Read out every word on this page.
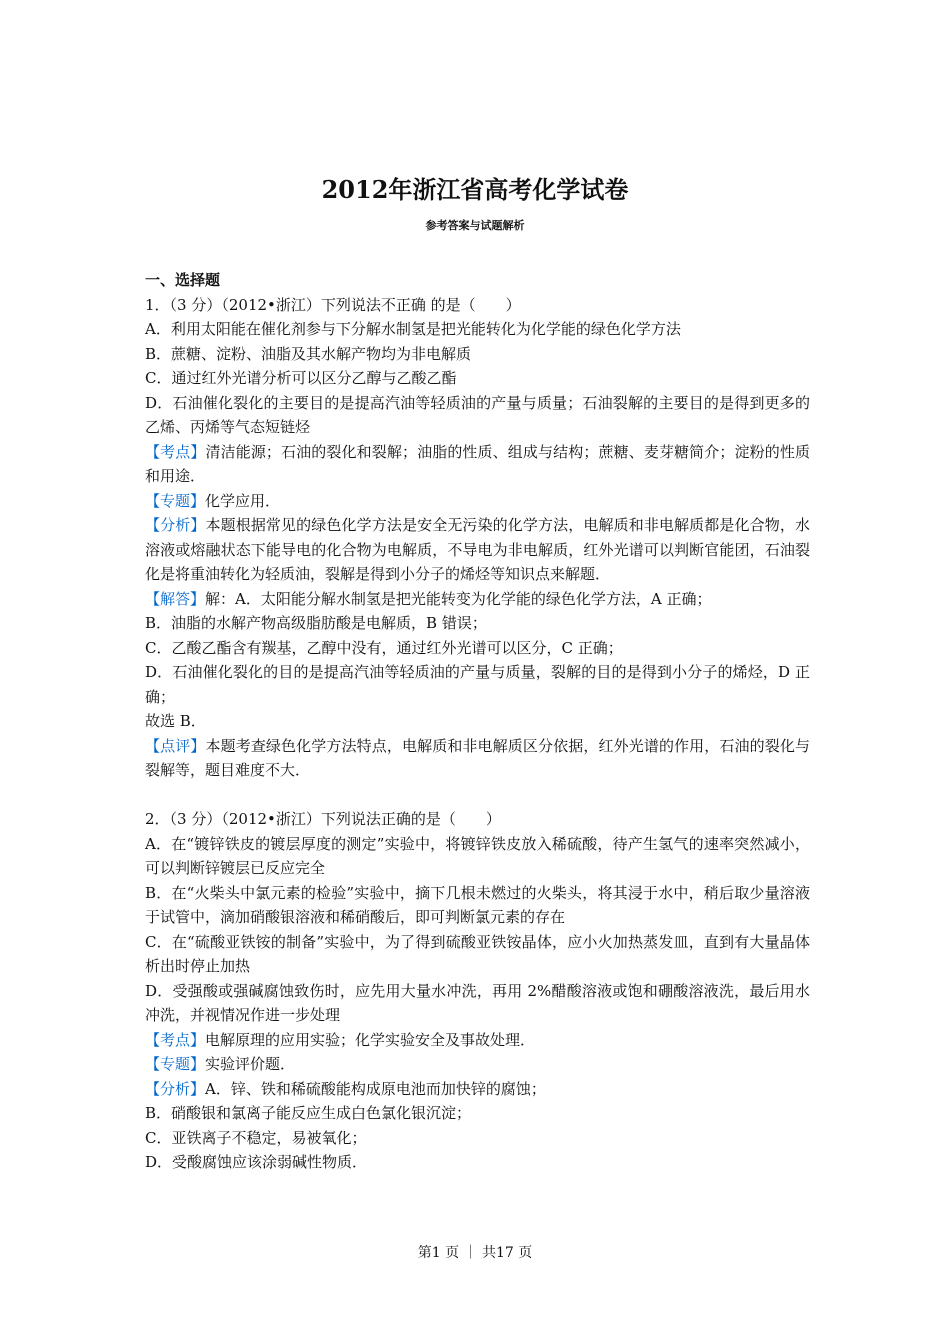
2012年浙江省高考化学试卷
参考答案与试题解析

一、选择题

1．（3 分）（2012•浙江）下列说法不正确 的是（　　）

A．利用太阳能在催化剂参与下分解水制氢是把光能转化为化学能的绿色化学方法

B．蔗糖、淀粉、油脂及其水解产物均为非电解质

C．通过红外光谱分析可以区分乙醇与乙酸乙酯

D．石油催化裂化的主要目的是提高汽油等轻质油的产量与质量；石油裂解的主要目的是得到更多的乙烯、丙烯等气态短链烃

【考点】清洁能源；石油的裂化和裂解；油脂的性质、组成与结构；蔗糖、麦芽糖简介；淀粉的性质和用途．

【专题】化学应用．

【分析】本题根据常见的绿色化学方法是安全无污染的化学方法，电解质和非电解质都是化合物，水溶液或熔融状态下能导电的化合物为电解质，不导电为非电解质，红外光谱可以判断官能团，石油裂化是将重油转化为轻质油，裂解是得到小分子的烯烃等知识点来解题．

【解答】解：A．太阳能分解水制氢是把光能转变为化学能的绿色化学方法，A 正确；

B．油脂的水解产物高级脂肪酸是电解质，B 错误；

C．乙酸乙酯含有羰基，乙醇中没有，通过红外光谱可以区分，C 正确；

D．石油催化裂化的目的是提高汽油等轻质油的产量与质量，裂解的目的是得到小分子的烯烃，D 正确；

故选 B．

【点评】本题考查绿色化学方法特点，电解质和非电解质区分依据，红外光谱的作用，石油的裂化与裂解等，题目难度不大．

2．（3 分）（2012•浙江）下列说法正确的是（　　）

A．在“镀锌铁皮的镀层厚度的测定”实验中，将镀锌铁皮放入稀硫酸，待产生氢气的速率突然减小，可以判断锌镀层已反应完全

B．在“火柴头中氯元素的检验”实验中，摘下几根未燃过的火柴头，将其浸于水中，稍后取少量溶液于试管中，滴加硝酸银溶液和稀硝酸后，即可判断氯元素的存在

C．在“硫酸亚铁铵的制备”实验中，为了得到硫酸亚铁铵晶体，应小火加热蒸发皿，直到有大量晶体析出时停止加热

D．受强酸或强碱腐蚀致伤时，应先用大量水冲洗，再用 2%醋酸溶液或饱和硼酸溶液洗，最后用水冲洗，并视情况作进一步处理

【考点】电解原理的应用实验；化学实验安全及事故处理．

【专题】实验评价题．

【分析】A．锌、铁和稀硫酸能构成原电池而加快锌的腐蚀；

B．硝酸银和氯离子能反应生成白色氯化银沉淀；

C．亚铁离子不稳定，易被氧化；

D．受酸腐蚀应该涂弱碱性物质．

第1 页 ｜ 共17 页
